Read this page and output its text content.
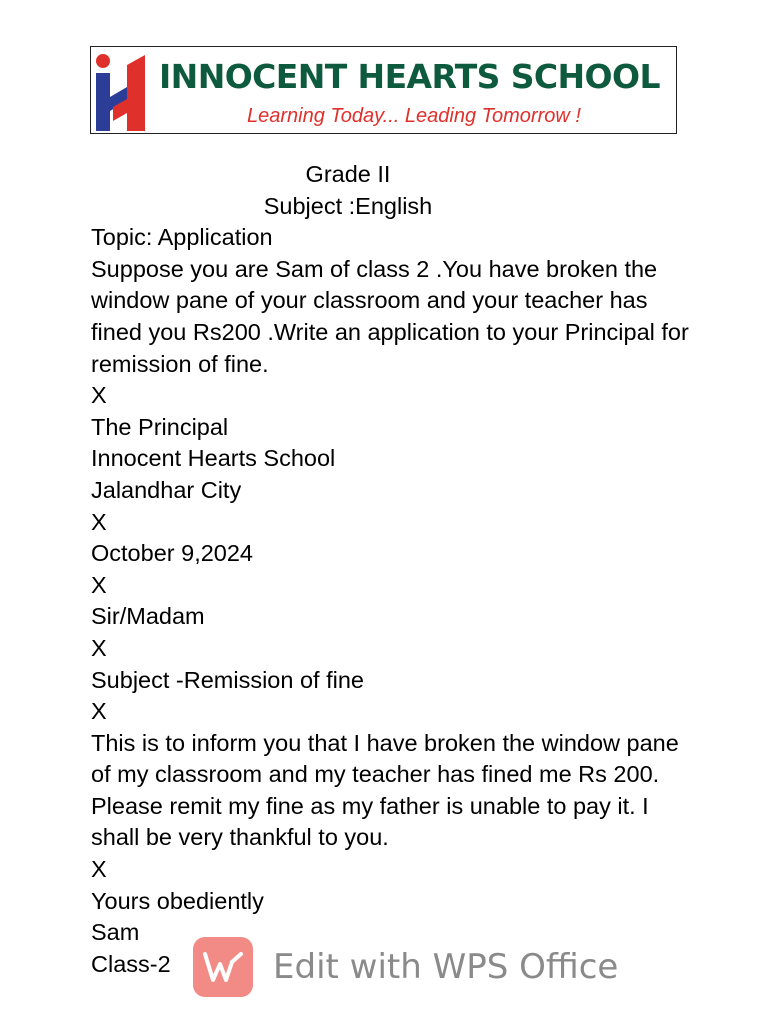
INNOCENT HEARTS SCHOOL
Learning Today... Leading Tomorrow !
Grade II
Subject :English
Topic: Application
Suppose you are Sam of class 2 .You have broken the window pane of your classroom and your teacher has fined you Rs200 .Write an application to your Principal for remission of fine.
X
The Principal
Innocent Hearts School
Jalandhar City
X
October 9,2024
X
Sir/Madam
X
Subject -Remission of fine
X
This is to inform you that I have broken the window pane of my classroom and my teacher has fined me Rs 200. Please remit my fine as my father is unable to pay it. I shall be very thankful to you.
X
Yours obediently
Sam
Class-2	Edit with WPS Office
